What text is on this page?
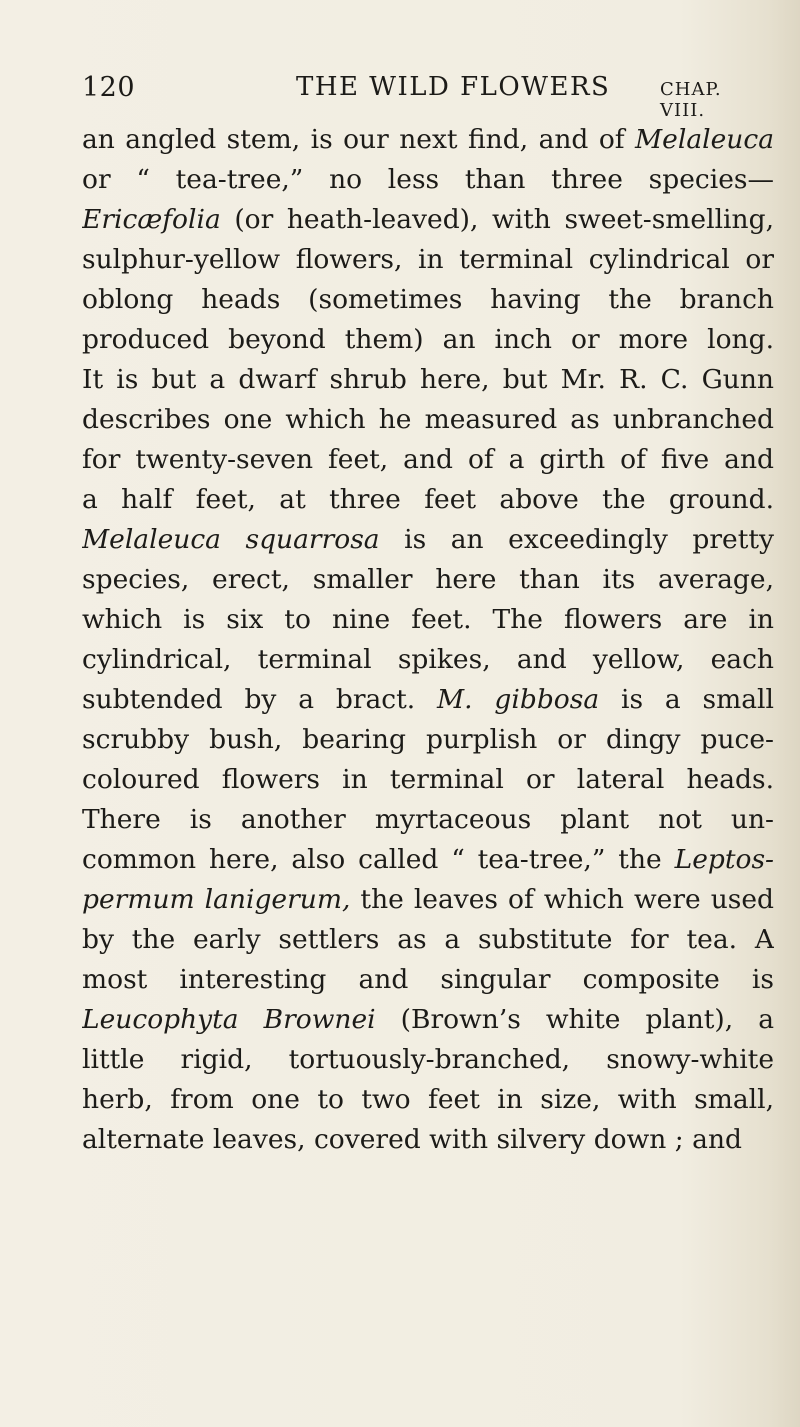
120	THE WILD FLOWERS	CHAP. VIII.
an angled stem, is our next find, and of Melaleuca
or “ tea-tree,” no less than three species—
Ericæfolia (or heath-leaved), with sweet-smelling,
sulphur-yellow flowers, in terminal cylindrical or
oblong heads (sometimes having the branch
produced beyond them) an inch or more long.
It is but a dwarf shrub here, but Mr. R. C. Gunn
describes one which he measured as unbranched
for twenty-seven feet, and of a girth of five and
a half feet, at three feet above the ground.
Melaleuca squarrosa is an exceedingly pretty
species, erect, smaller here than its average,
which is six to nine feet. The flowers are in
cylindrical, terminal spikes, and yellow, each
subtended by a bract. M. gibbosa is a small
scrubby bush, bearing purplish or dingy puce-
coloured flowers in terminal or lateral heads.
There is another myrtaceous plant not un-
common here, also called “ tea-tree,” the Leptos-
permum lanigerum, the leaves of which were used
by the early settlers as a substitute for tea. A
most interesting and singular composite is
Leucophyta Brownei (Brown’s white plant), a
little rigid, tortuously-branched, snowy-white
herb, from one to two feet in size, with small,
alternate leaves, covered with silvery down ; and
